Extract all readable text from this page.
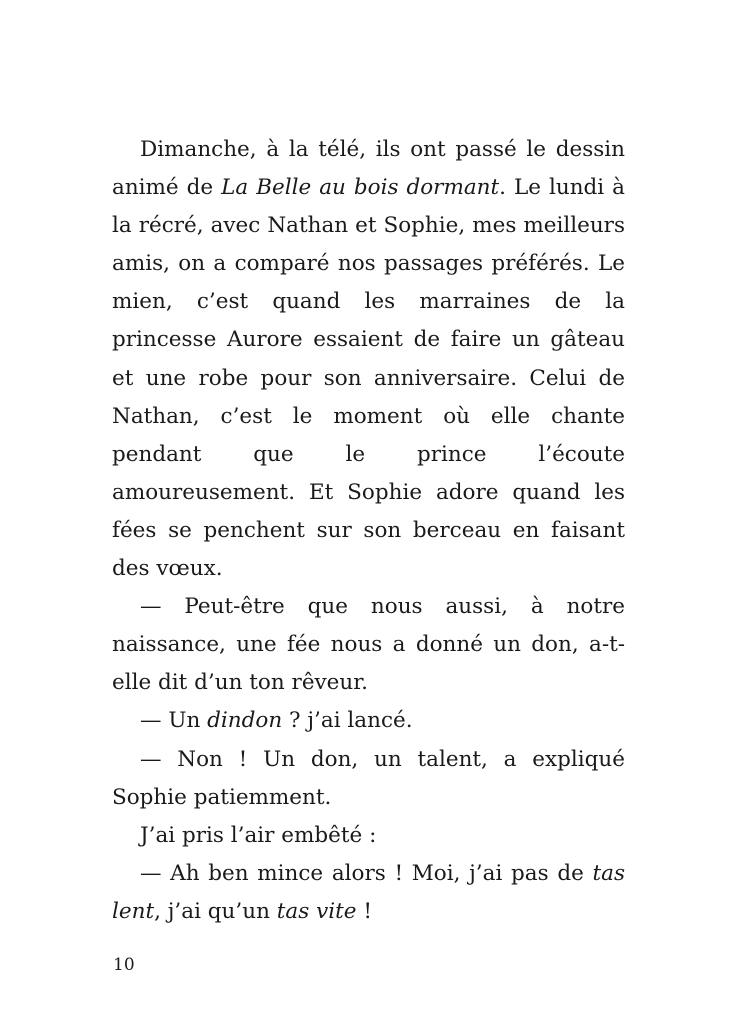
Dimanche, à la télé, ils ont passé le dessin animé de La Belle au bois dormant. Le lundi à la récré, avec Nathan et Sophie, mes meilleurs amis, on a comparé nos passages préférés. Le mien, c’est quand les marraines de la princesse Aurore essaient de faire un gâteau et une robe pour son anniversaire. Celui de Nathan, c’est le moment où elle chante pendant que le prince l’écoute amoureusement. Et Sophie adore quand les fées se penchent sur son berceau en faisant des vœux.

— Peut-être que nous aussi, à notre naissance, une fée nous a donné un don, a-t-elle dit d’un ton rêveur.

— Un dindon ? j’ai lancé.

— Non ! Un don, un talent, a expliqué Sophie patiemment.

J’ai pris l’air embêté :

— Ah ben mince alors ! Moi, j’ai pas de tas lent, j’ai qu’un tas vite !

10
